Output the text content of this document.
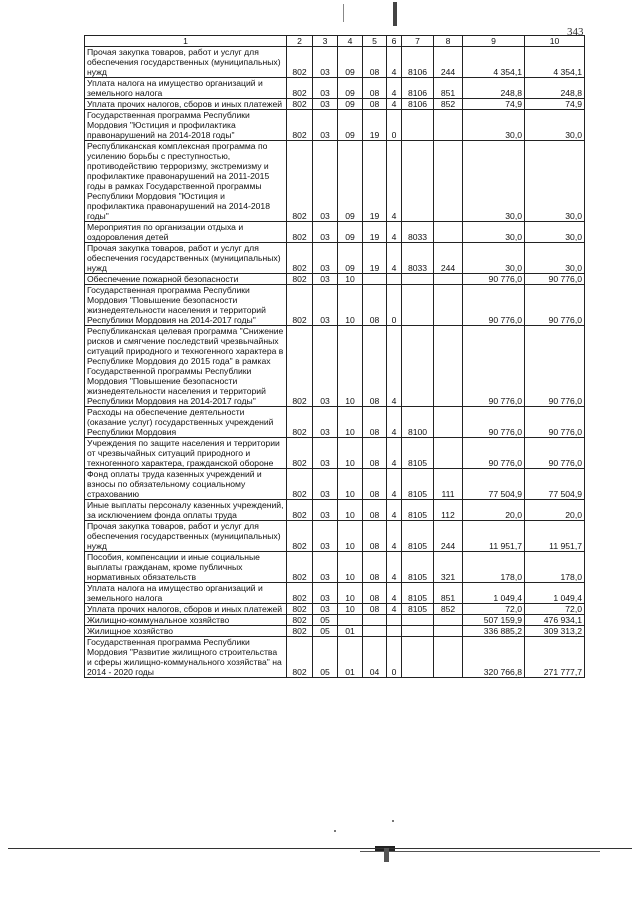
343
1	2	3	4	5	6	7	8	9	10
Прочая закупка товаров, работ и услуг для обеспечения государственных (муниципальных) нужд	802	03	09	08	4	8106	244	4 354,1	4 354,1
Уплата налога на имущество организаций и земельного налога	802	03	09	08	4	8106	851	248,8	248,8
Уплата прочих налогов, сборов и иных платежей	802	03	09	08	4	8106	852	74,9	74,9
Государственная программа Республики Мордовия "Юстиция и профилактика правонарушений на 2014-2018 годы"	802	03	09	19	0			30,0	30,0
Республиканская комплексная программа по усилению борьбы с преступностью, противодействию терроризму, экстремизму и профилактике правонарушений на 2011-2015 годы в рамках Государственной программы Республики Мордовия "Юстиция и профилактика правонарушений на 2014-2018 годы"	802	03	09	19	4			30,0	30,0
Мероприятия по организации отдыха и оздоровления детей	802	03	09	19	4	8033		30,0	30,0
Прочая закупка товаров, работ и услуг для обеспечения государственных (муниципальных) нужд	802	03	09	19	4	8033	244	30,0	30,0
Обеспечение пожарной безопасности	802	03	10					90 776,0	90 776,0
Государственная программа Республики Мордовия "Повышение безопасности жизнедеятельности населения и территорий Республики Мордовия на 2014-2017 годы"	802	03	10	08	0			90 776,0	90 776,0
Республиканская целевая программа "Снижение рисков и смягчение последствий чрезвычайных ситуаций природного и техногенного характера в Республике Мордовия до 2015 года" в рамках Государственной программы Республики Мордовия "Повышение безопасности жизнедеятельности населения и территорий Республики Мордовия на 2014-2017 годы"	802	03	10	08	4			90 776,0	90 776,0
Расходы на обеспечение деятельности (оказание услуг) государственных учреждений Республики Мордовия	802	03	10	08	4	8100		90 776,0	90 776,0
Учреждения по защите населения и территории от чрезвычайных ситуаций природного и техногенного характера, гражданской обороне	802	03	10	08	4	8105		90 776,0	90 776,0
Фонд оплаты труда казенных учреждений и взносы по обязательному социальному страхованию	802	03	10	08	4	8105	111	77 504,9	77 504,9
Иные выплаты персоналу казенных учреждений, за исключением фонда оплаты труда	802	03	10	08	4	8105	112	20,0	20,0
Прочая закупка товаров, работ и услуг для обеспечения государственных (муниципальных) нужд	802	03	10	08	4	8105	244	11 951,7	11 951,7
Пособия, компенсации и иные социальные выплаты гражданам, кроме публичных нормативных обязательств	802	03	10	08	4	8105	321	178,0	178,0
Уплата налога на имущество организаций и земельного налога	802	03	10	08	4	8105	851	1 049,4	1 049,4
Уплата прочих налогов, сборов и иных платежей	802	03	10	08	4	8105	852	72,0	72,0
Жилищно-коммунальное хозяйство	802	05						507 159,9	476 934,1
Жилищное хозяйство	802	05	01					336 885,2	309 313,2
Государственная программа Республики Мордовия "Развитие жилищного строительства и сферы жилищно-коммунального хозяйства" на 2014 - 2020 годы	802	05	01	04	0			320 766,8	271 777,7
